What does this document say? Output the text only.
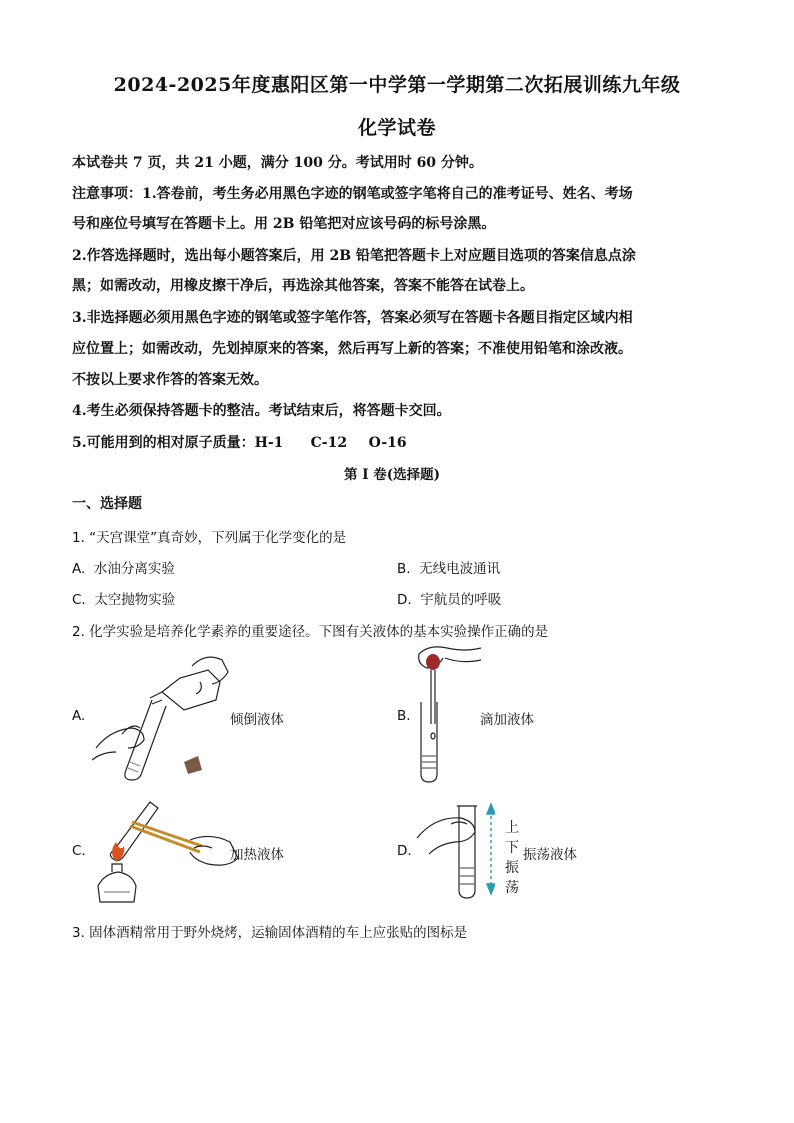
2024-2025年度惠阳区第一中学第一学期第二次拓展训练九年级
化学试卷
本试卷共 7 页，共 21 小题，满分 100 分。考试用时 60 分钟。
注意事项：1.答卷前，考生务必用黑色字迹的钢笔或签字笔将自己的准考证号、姓名、考场
号和座位号填写在答题卡上。用 2B 铅笔把对应该号码的标号涂黑。
2.作答选择题时，选出每小题答案后，用 2B 铅笔把答题卡上对应题目选项的答案信息点涂
黑；如需改动，用橡皮擦干净后，再选涂其他答案，答案不能答在试卷上。
3.非选择题必须用黑色字迹的钢笔或签字笔作答，答案必须写在答题卡各题目指定区域内相
应位置上；如需改动，先划掉原来的答案，然后再写上新的答案；不准使用铅笔和涂改液。
不按以上要求作答的答案无效。
4.考生必须保持答题卡的整洁。考试结束后，将答题卡交回。
5.可能用到的相对原子质量：H-1 C-12 O-16
第 I 卷(选择题)
一、选择题
1. “天宫课堂”真奇妙，下列属于化学变化的是
A. 水油分离实验	B. 无线电波通讯
C. 太空抛物实验	D. 宇航员的呼吸
2. 化学实验是培养化学素养的重要途径。下图有关液体的基本实验操作正确的是
A.	倾倒液体	B.	滴加液体
C.	加热液体	D.	振荡液体
上
下
振
荡
3. 固体酒精常用于野外烧烤，运输固体酒精的车上应张贴的图标是
